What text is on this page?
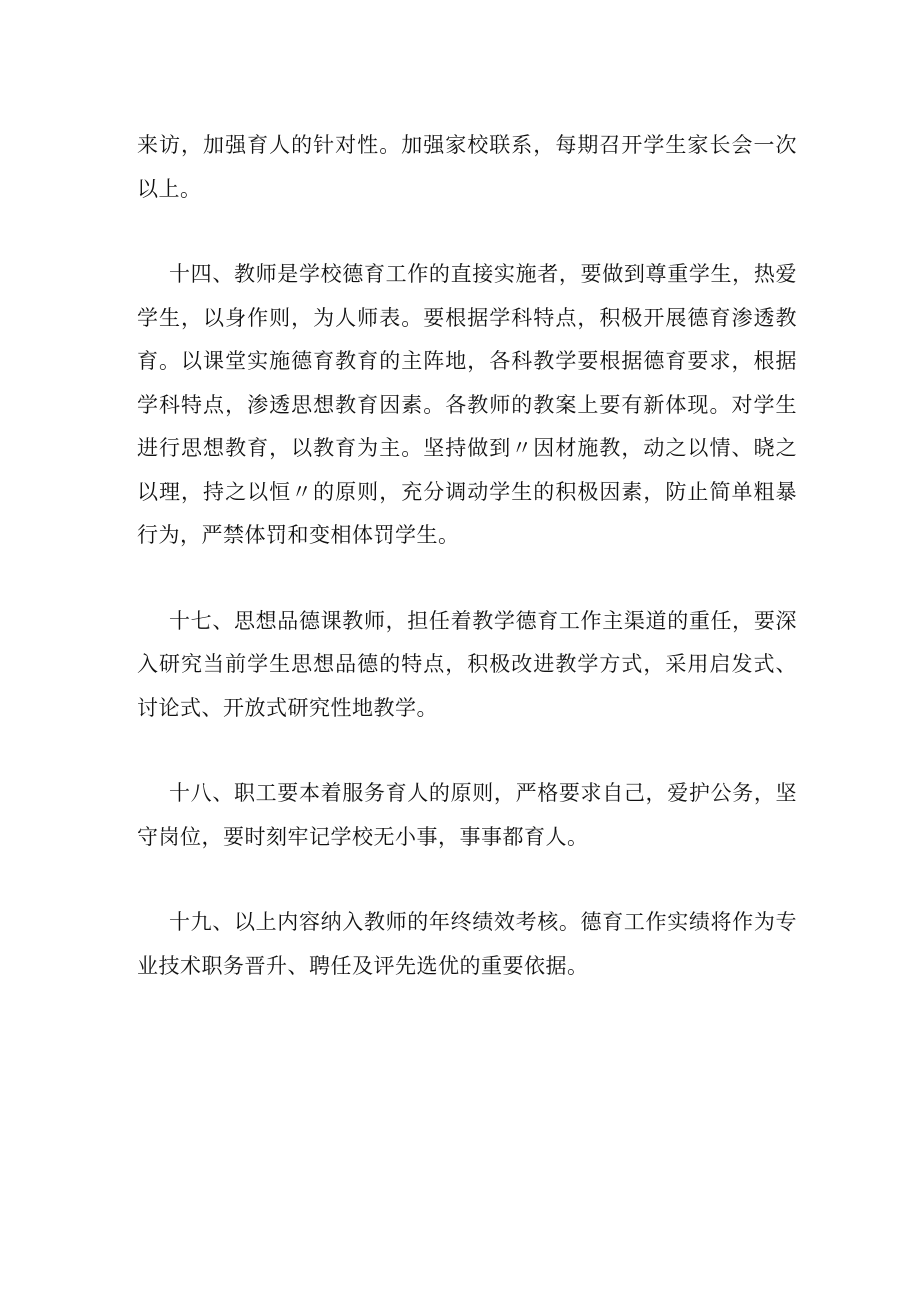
来访，加强育人的针对性。加强家校联系，每期召开学生家长会一次以上。

十四、教师是学校德育工作的直接实施者，要做到尊重学生，热爱学生，以身作则，为人师表。要根据学科特点，积极开展德育渗透教育。以课堂实施德育教育的主阵地，各科教学要根据德育要求，根据学科特点，渗透思想教育因素。各教师的教案上要有新体现。对学生进行思想教育，以教育为主。坚持做到〃因材施教，动之以情、晓之以理，持之以恒〃的原则，充分调动学生的积极因素，防止简单粗暴行为，严禁体罚和变相体罚学生。

十七、思想品德课教师，担任着教学德育工作主渠道的重任，要深入研究当前学生思想品德的特点，积极改进教学方式，采用启发式、讨论式、开放式研究性地教学。

十八、职工要本着服务育人的原则，严格要求自己，爱护公务，坚守岗位，要时刻牢记学校无小事，事事都育人。

十九、以上内容纳入教师的年终绩效考核。德育工作实绩将作为专业技术职务晋升、聘任及评先选优的重要依据。
